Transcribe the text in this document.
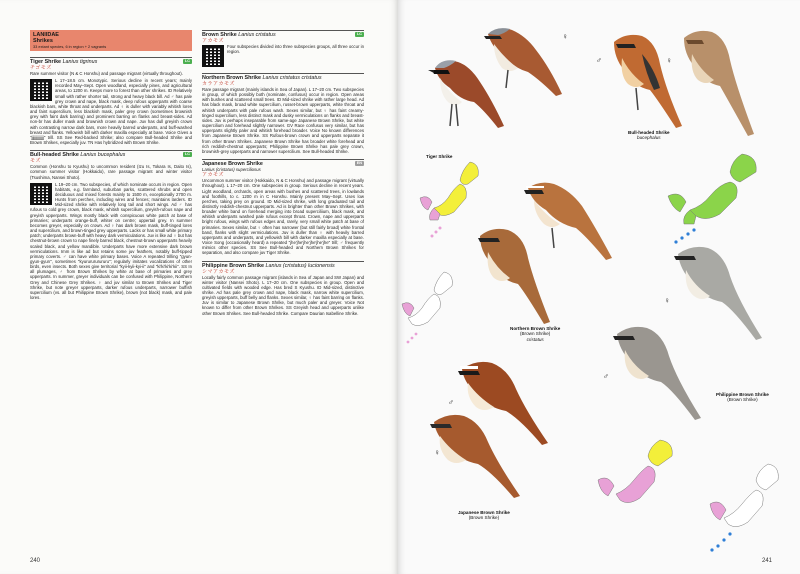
LANIIDAE
Shrikes
33 extant species, 6 in region + 2 vagrants
Tiger Shrike Lanius tigrinus	LC
チゴモズ

Rare summer visitor (N & C Honshu) and passage migrant (virtually throughout).

L 17–18.5 cm. Monotypic. Serious decline in recent years; mainly recorded May–Sept. Open woodland, especially pines, and agricultural areas, to 1200 m. Keeps more to forest than other shrikes. ID Relatively small with rather shorter tail, strong and heavy black bill. Ad ♂ has pale grey crown and nape, black mask, deep rufous upperparts with coarse blackish bars, white throat and underparts. Ad ♀ is duller with variably whitish lores and faint supercilium, less blackish mask, paler grey crown (sometimes brownish grey with faint dark barring) and prominent barring on flanks and breast-sides. Ad non-br has duller mask and brownish crown and nape. Juv has dull greyish crown with contrasting narrow dark bars, more heavily barred underparts, and buff-washed breast and flanks. Yellowish bill with darker maxilla especially at base. Voice Gives a "jjjjjjjjjjjjj" trill. SS See Red-backed Shrike; also compare Bull-headed Shrike and Brown Shrikes, especially juv. TN Has hybridized with Brown Shrike.

Bull-headed Shrike Lanius bucephalus	LC
モズ

Common (Honshu to Kyushu) to uncommon resident (Izu Is, Tokara Is, Daito Is), common summer visitor (Hokkaido), rare passage migrant and winter visitor (Tsushima, Nansei Shoto).

L 19–20 cm. Two subspecies, of which nominate occurs in region. Open habitats, e.g. farmland, suburban parks, scattered shrubs and open deciduous and mixed forests mainly to 1500 m, exceptionally 2700 m. Hunts from perches, including wires and fences; maintains larders. ID Mid-sized shrike with relatively long tail and short wings. Ad ♂ has rufous to cold grey crown, black mask, whitish supercilium, greyish-rufous nape and greyish upperparts. Wings mostly black with conspicuous white patch at base of primaries; underparts orange-buff, whiter on centre; uppertail grey. In summer becomes greyer, especially on crown. Ad ♀ has dark brown mask, buff-tinged lores and supercilium, and brown-tinged grey upperparts. Lacks or has small white primary patch; underparts brown-buff with heavy dark vermiculations. Juv is like ad ♀ but has chestnut-brown crown to nape finely barred black, chestnut-brown upperparts heavily scaled black, and yellow mandible. Underparts have more extensive dark brown vermiculations. Imm is like ad but retains some juv feathers, notably buff-tipped primary coverts. ♂ can have white primary bases. Voice A repeated trilling "gyun-gyun-gyun", sometimes "kyururururururu"; regularly imitates vocalizations of other birds, even insects. Both sexes give territorial "kyii-kyii-kyi-ii" and "ki'ki'ki'ki'kii". SS In all plumages, ♂ from Brown Shrikes by white at base of primaries and grey upperparts. In summer, greyer individuals can be confused with Philippine, Northern Grey and Chinese Grey Shrikes. ♀ and juv similar to Brown Shrikes and Tiger Shrike, but note greyer upperparts, darker rufous underparts, narrower buffish supercilium (vs. all but Philippine Brown Shrike), brown (not black) mask, and pale lores.

Brown Shrike Lanius cristatus	LC
アカモズ

Four subspecies divided into three subspecies groups, all three occur in region.

Northern Brown Shrike Lanius cristatus cristatus
カラアカモズ

Rare passage migrant (mainly islands in Sea of Japan). L 17–20 cm. Two subspecies in group, of which possibly both (nominate, confusus) occur in region. Open areas with bushes and scattered small trees. ID Mid-sized shrike with rather large head. Ad has black mask, broad white supercilium, russet-brown upperparts, white throat and whitish underparts with pale rufous wash. Sexes similar, but ♀ has faint creamy-tinged supercilium, less distinct mask and dusky vermiculations on flanks and breast-sides. Juv is perhaps inseparable from same-age Japanese Brown Shrike, but white supercilium and forehead slightly narrower. GV Race confusus very similar, but has upperparts slightly paler and whitish forehead broader. Voice No known differences from Japanese Brown Shrike. SS Rufous-brown crown and upperparts separate it from other Brown Shrikes. Japanese Brown Shrike has broader white forehead and rich reddish-chestnut upperparts; Philippine Brown Shrike has pale grey crown, brownish-grey upperparts and narrower supercilium. See Bull-headed Shrike.

Japanese Brown Shrike	EN
Lanius (cristatus) superciliosus
アカモズ

Uncommon summer visitor (Hokkaido, N & C Honshu) and passage migrant (virtually throughout). L 17–20 cm. One subspecies in group. Serious decline in recent years. Light woodland, orchards, open areas with bushes and scattered trees, in lowlands and foothills, to c. 1200 m in C Honshu. Mainly present May–Sept. Uses low perches, taking prey on ground. ID Mid-sized shrike, with long graduated tail and distinctly reddish-chestnut upperparts. Ad is brighter than other Brown Shrikes, with broader white band on forehead merging into broad superciliium, black mask, and whitish underparts washed pale rufous except throat. Crown, nape and upperparts bright rufous, wings with rufous edges and, rarely, very small white patch at base of primaries. Sexes similar, but ♀ often has narrower (but still fairly broad) white frontal band, flanks with slight vermiculations. Juv is duller than ♀ with heavily barred upperparts and underparts, and yellowish bill with darker maxilla especially at base. Voice Song (occasionally heard) a repeated "jhe'jhe'jhe'jhe'jhe'jhe" trill; ♂ frequently mimics other species. SS See Bull-headed and Northern Brown Shrikes for separation, and also compare juv Tiger Shrike.

Philippine Brown Shrike Lanius (cristatus) lucionensis
シマアカモズ

Locally fairly common passage migrant (islands in Sea of Japan and SW Japan) and winter visitor (Nansei Shoto). L 17–20 cm. One subspecies in group. Open and cultivated fields with wooded edge. Has bred S Kyushu. ID Mid-sized, distinctive shrike. Ad has pale grey crown and nape, black mask, narrow white supercilium, greyish upperparts, buff belly and flanks. Sexes similar, ♀ has faint barring on flanks. Juv is similar to Japanese Brown Shrike, but much paler and greyer. Voice Not known to differ from other Brown Shrikes. SS Greyish head and upperparts unlike other Brown Shrikes. See Bull-headed Shrike. Compare Daurian Isabelline Shrike.

240
Tiger Shrike
♀
♂	♀
Bull-headed Shrike
bucephalus
Northern Brown Shrike
(Brown Shrike)
cristatus
♀
♂
Philippine Brown Shrike
(Brown Shrike)
♂
♀
Japanese Brown Shrike
(Brown Shrike)
241
